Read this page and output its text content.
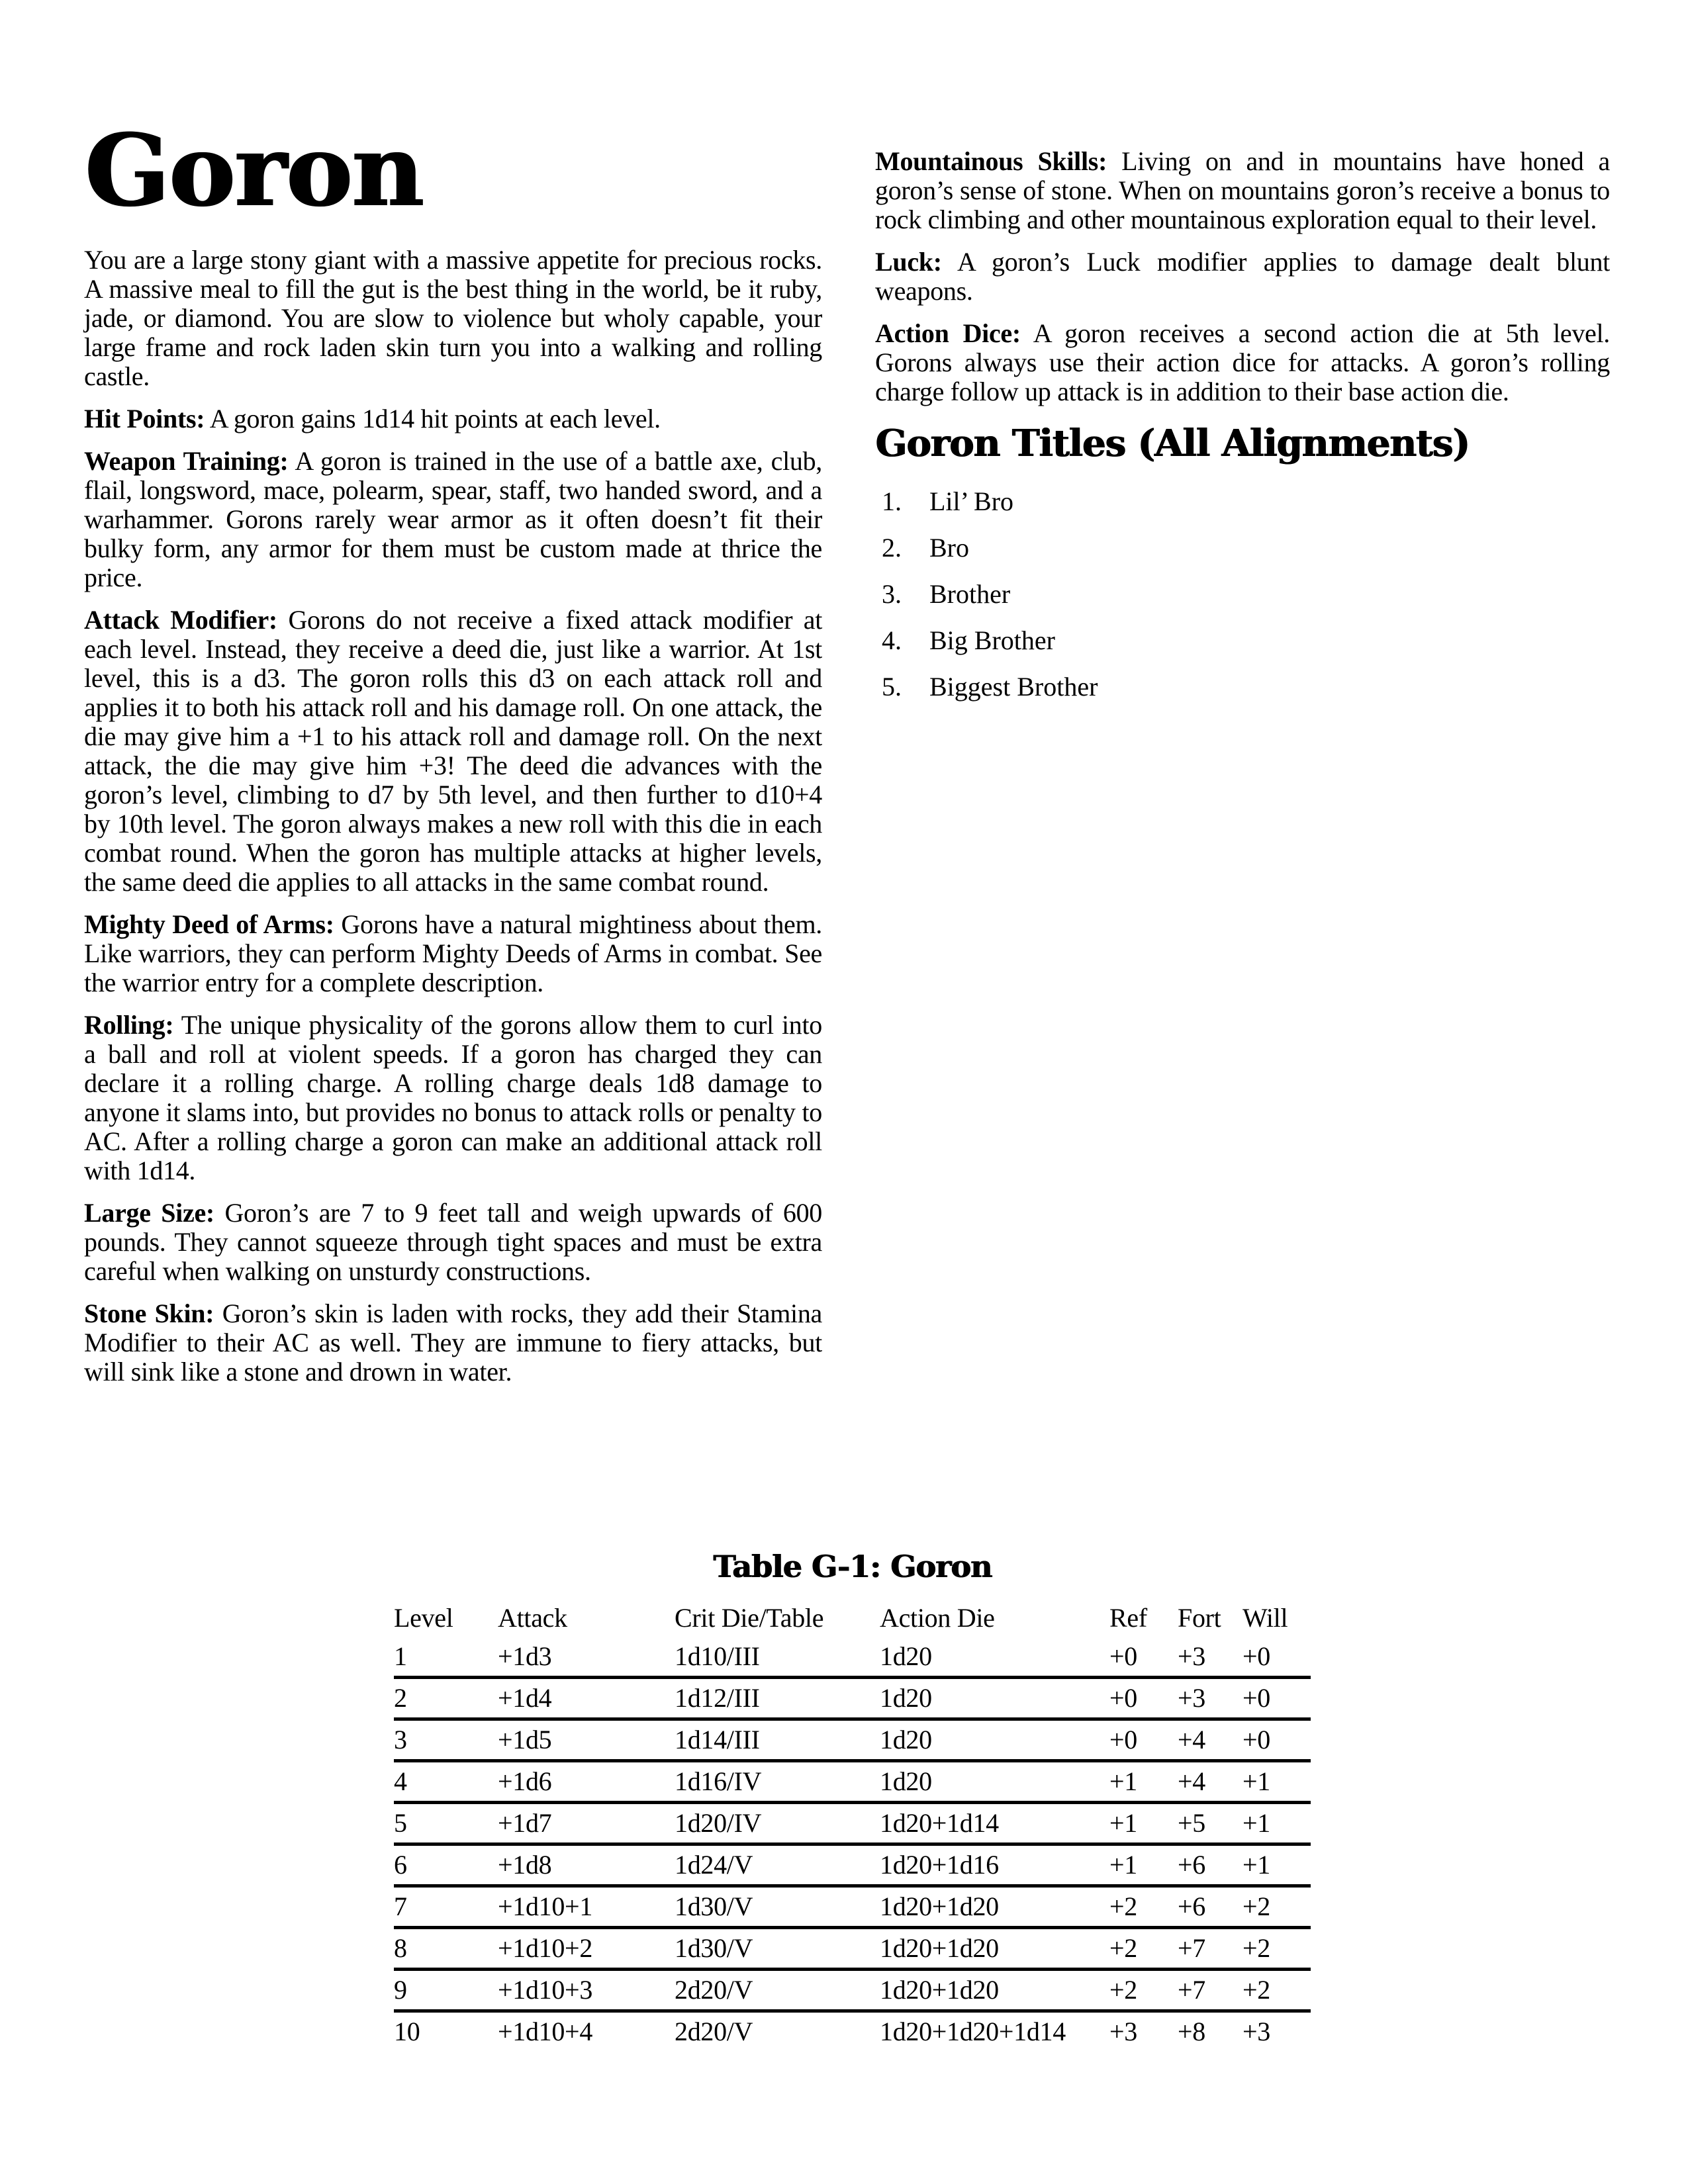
Goron

You are a large stony giant with a massive appetite for precious rocks. A massive meal to fill the gut is the best thing in the world, be it ruby, jade, or diamond. You are slow to violence but wholy capable, your large frame and rock laden skin turn you into a walking and rolling castle.

Hit Points: A goron gains 1d14 hit points at each level.

Weapon Training: A goron is trained in the use of a battle axe, club, flail, longsword, mace, polearm, spear, staff, two handed sword, and a warhammer. Gorons rarely wear armor as it often doesn’t fit their bulky form, any armor for them must be custom made at thrice the price.

Attack Modifier: Gorons do not receive a fixed attack modifier at each level. Instead, they receive a deed die, just like a warrior. At 1st level, this is a d3. The goron rolls this d3 on each attack roll and applies it to both his attack roll and his damage roll. On one attack, the die may give him a +1 to his attack roll and damage roll. On the next attack, the die may give him +3! The deed die advances with the goron’s level, climbing to d7 by 5th level, and then further to d10+4 by 10th level. The goron always makes a new roll with this die in each combat round. When the goron has multiple attacks at higher levels, the same deed die applies to all attacks in the same combat round.

Mighty Deed of Arms: Gorons have a natural mightiness about them. Like warriors, they can perform Mighty Deeds of Arms in combat. See the warrior entry for a complete description.

Rolling: The unique physicality of the gorons allow them to curl into a ball and roll at violent speeds. If a goron has charged they can declare it a rolling charge. A rolling charge deals 1d8 damage to anyone it slams into, but provides no bonus to attack rolls or penalty to AC. After a rolling charge a goron can make an additional attack roll with 1d14.

Large Size: Goron’s are 7 to 9 feet tall and weigh upwards of 600 pounds. They cannot squeeze through tight spaces and must be extra careful when walking on unsturdy constructions.

Stone Skin: Goron’s skin is laden with rocks, they add their Stamina Modifier to their AC as well. They are immune to fiery attacks, but will sink like a stone and drown in water.

Mountainous Skills: Living on and in mountains have honed a goron’s sense of stone. When on mountains goron’s receive a bonus to rock climbing and other mountainous exploration equal to their level.

Luck: A goron’s Luck modifier applies to damage dealt blunt weapons.

Action Dice: A goron receives a second action die at 5th level. Gorons always use their action dice for attacks. A goron’s rolling charge follow up attack is in addition to their base action die.

Goron Titles (All Alignments)
1.	Lil’ Bro
2.	Bro
3.	Brother
4.	Big Brother
5.	Biggest Brother
Table G-1: Goron
Level	Attack	Crit Die/Table	Action Die	Ref	Fort	Will
1	+1d3	1d10/III	1d20	+0	+3	+0
2	+1d4	1d12/III	1d20	+0	+3	+0
3	+1d5	1d14/III	1d20	+0	+4	+0
4	+1d6	1d16/IV	1d20	+1	+4	+1
5	+1d7	1d20/IV	1d20+1d14	+1	+5	+1
6	+1d8	1d24/V	1d20+1d16	+1	+6	+1
7	+1d10+1	1d30/V	1d20+1d20	+2	+6	+2
8	+1d10+2	1d30/V	1d20+1d20	+2	+7	+2
9	+1d10+3	2d20/V	1d20+1d20	+2	+7	+2
10	+1d10+4	2d20/V	1d20+1d20+1d14	+3	+8	+3
